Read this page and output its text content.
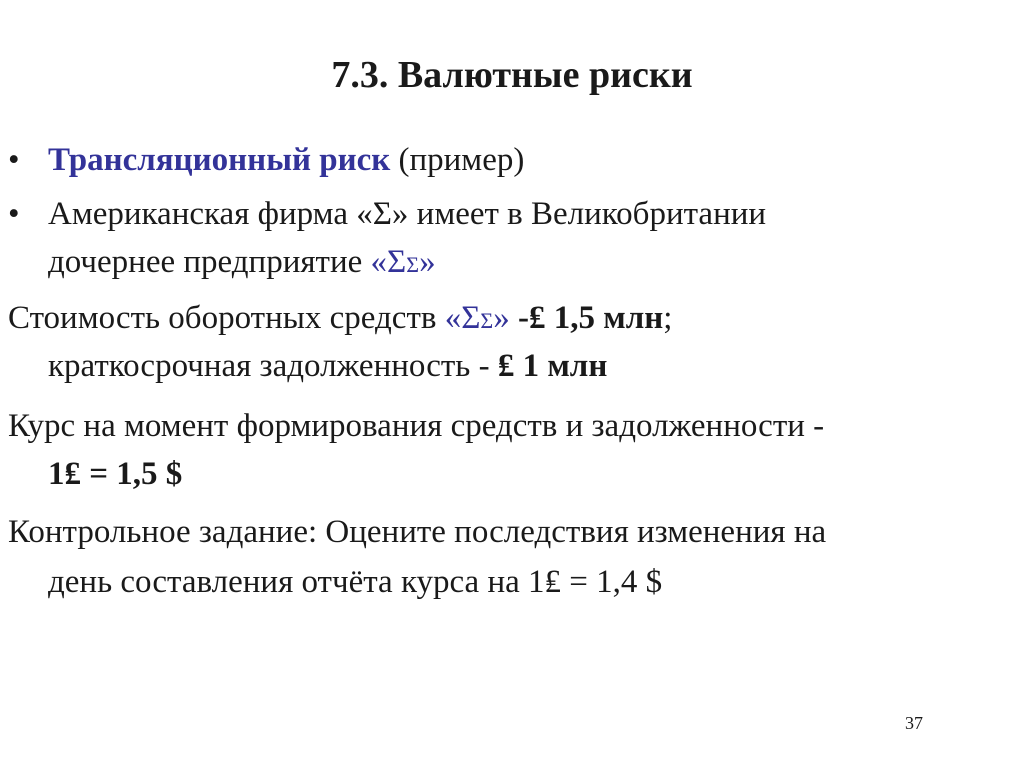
7.3. Валютные риски
• Трансляционный риск (пример)
• Американская фирма «Σ» имеет в Великобритании
дочернее предприятие «ΣΣ»
Стоимость оборотных средств «ΣΣ» -₤ 1,5 млн;
краткосрочная задолженность - ₤ 1 млн
Курс на момент формирования средств и задолженности -
1₤ = 1,5 $
Контрольное задание: Оцените последствия изменения на
день составления отчёта курса на 1₤ = 1,4 $
37
